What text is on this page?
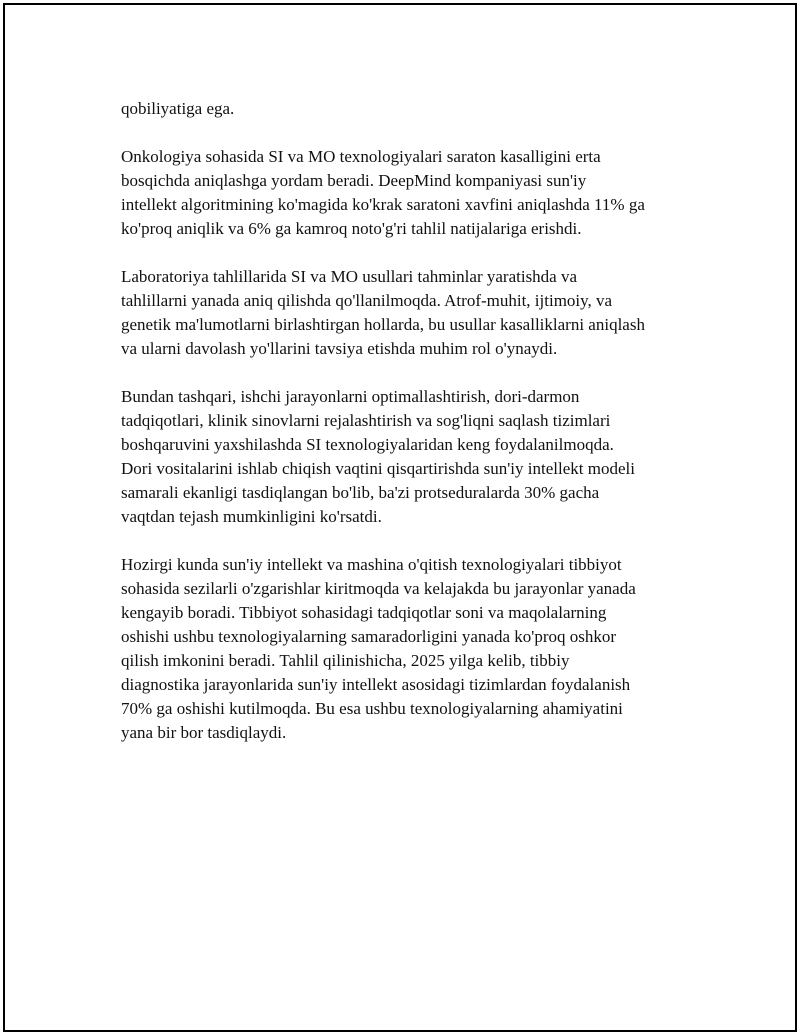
qobiliyatiga ega.

Onkologiya sohasida SI va MO texnologiyalari saraton kasalligini erta
bosqichda aniqlashga yordam beradi. DeepMind kompaniyasi sun'iy
intellekt algoritmining ko'magida ko'krak saratoni xavfini aniqlashda 11% ga
ko'proq aniqlik va 6% ga kamroq noto'g'ri tahlil natijalariga erishdi.

Laboratoriya tahlillarida SI va MO usullari tahminlar yaratishda va
tahlillarni yanada aniq qilishda qo'llanilmoqda. Atrof-muhit, ijtimoiy, va
genetik ma'lumotlarni birlashtirgan hollarda, bu usullar kasalliklarni aniqlash
va ularni davolash yo'llarini tavsiya etishda muhim rol o'ynaydi.

Bundan tashqari, ishchi jarayonlarni optimallashtirish, dori-darmon
tadqiqotlari, klinik sinovlarni rejalashtirish va sog'liqni saqlash tizimlari
boshqaruvini yaxshilashda SI texnologiyalaridan keng foydalanilmoqda.
Dori vositalarini ishlab chiqish vaqtini qisqartirishda sun'iy intellekt modeli
samarali ekanligi tasdiqlangan bo'lib, ba'zi protseduralarda 30% gacha
vaqtdan tejash mumkinligini ko'rsatdi.

Hozirgi kunda sun'iy intellekt va mashina o'qitish texnologiyalari tibbiyot
sohasida sezilarli o'zgarishlar kiritmoqda va kelajakda bu jarayonlar yanada
kengayib boradi. Tibbiyot sohasidagi tadqiqotlar soni va maqolalarning
oshishi ushbu texnologiyalarning samaradorligini yanada ko'proq oshkor
qilish imkonini beradi. Tahlil qilinishicha, 2025 yilga kelib, tibbiy
diagnostika jarayonlarida sun'iy intellekt asosidagi tizimlardan foydalanish
70% ga oshishi kutilmoqda. Bu esa ushbu texnologiyalarning ahamiyatini
yana bir bor tasdiqlaydi.
